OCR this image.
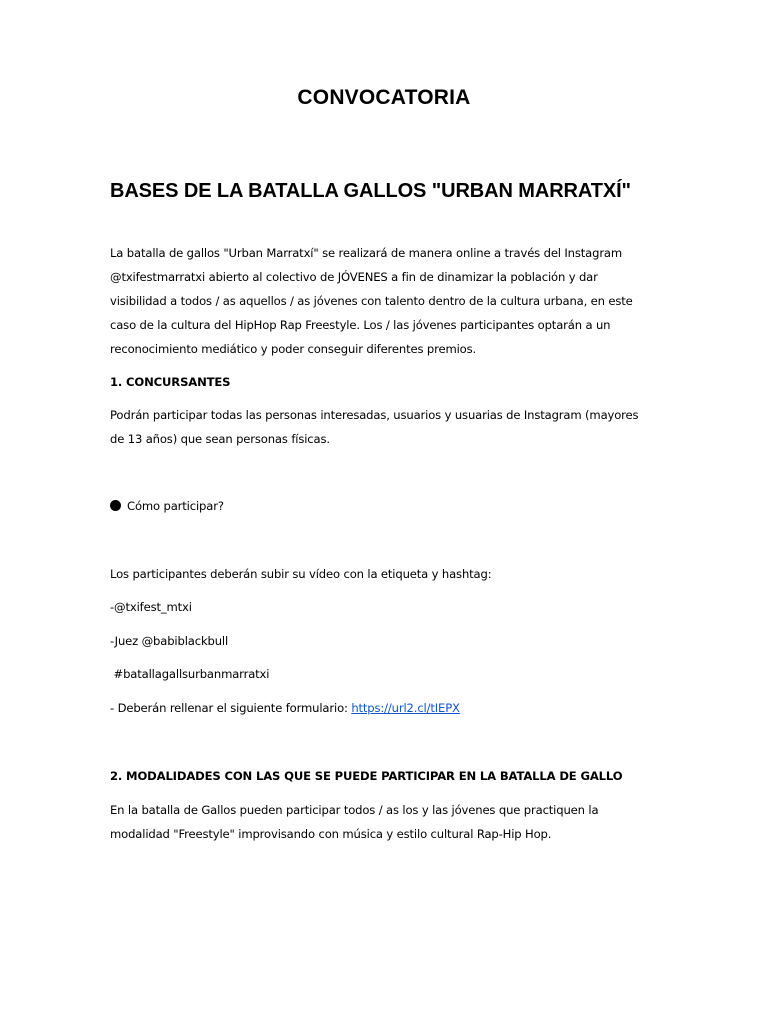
CONVOCATORIA
BASES DE LA BATALLA GALLOS "URBAN MARRATXÍ"
La batalla de gallos "Urban Marratxí" se realizará de manera online a través del Instagram
@txifestmarratxi abierto al colectivo de JÓVENES a fin de dinamizar la población y dar
visibilidad a todos / as aquellos / as jóvenes con talento dentro de la cultura urbana, en este
caso de la cultura del HipHop Rap Freestyle. Los / las jóvenes participantes optarán a un
reconocimiento mediático y poder conseguir diferentes premios.
1. CONCURSANTES
Podrán participar todas las personas interesadas, usuarios y usuarias de Instagram (mayores
de 13 años) que sean personas físicas.
Cómo participar?
Los participantes deberán subir su vídeo con la etiqueta y hashtag:
-@txifest_mtxi
-Juez @babiblackbull
#batallagallsurbanmarratxi
- Deberán rellenar el siguiente formulario: https://url2.cl/tIEPX
2. MODALIDADES CON LAS QUE SE PUEDE PARTICIPAR EN LA BATALLA DE GALLO
En la batalla de Gallos pueden participar todos / as los y las jóvenes que practiquen la
modalidad "Freestyle" improvisando con música y estilo cultural Rap-Hip Hop.
